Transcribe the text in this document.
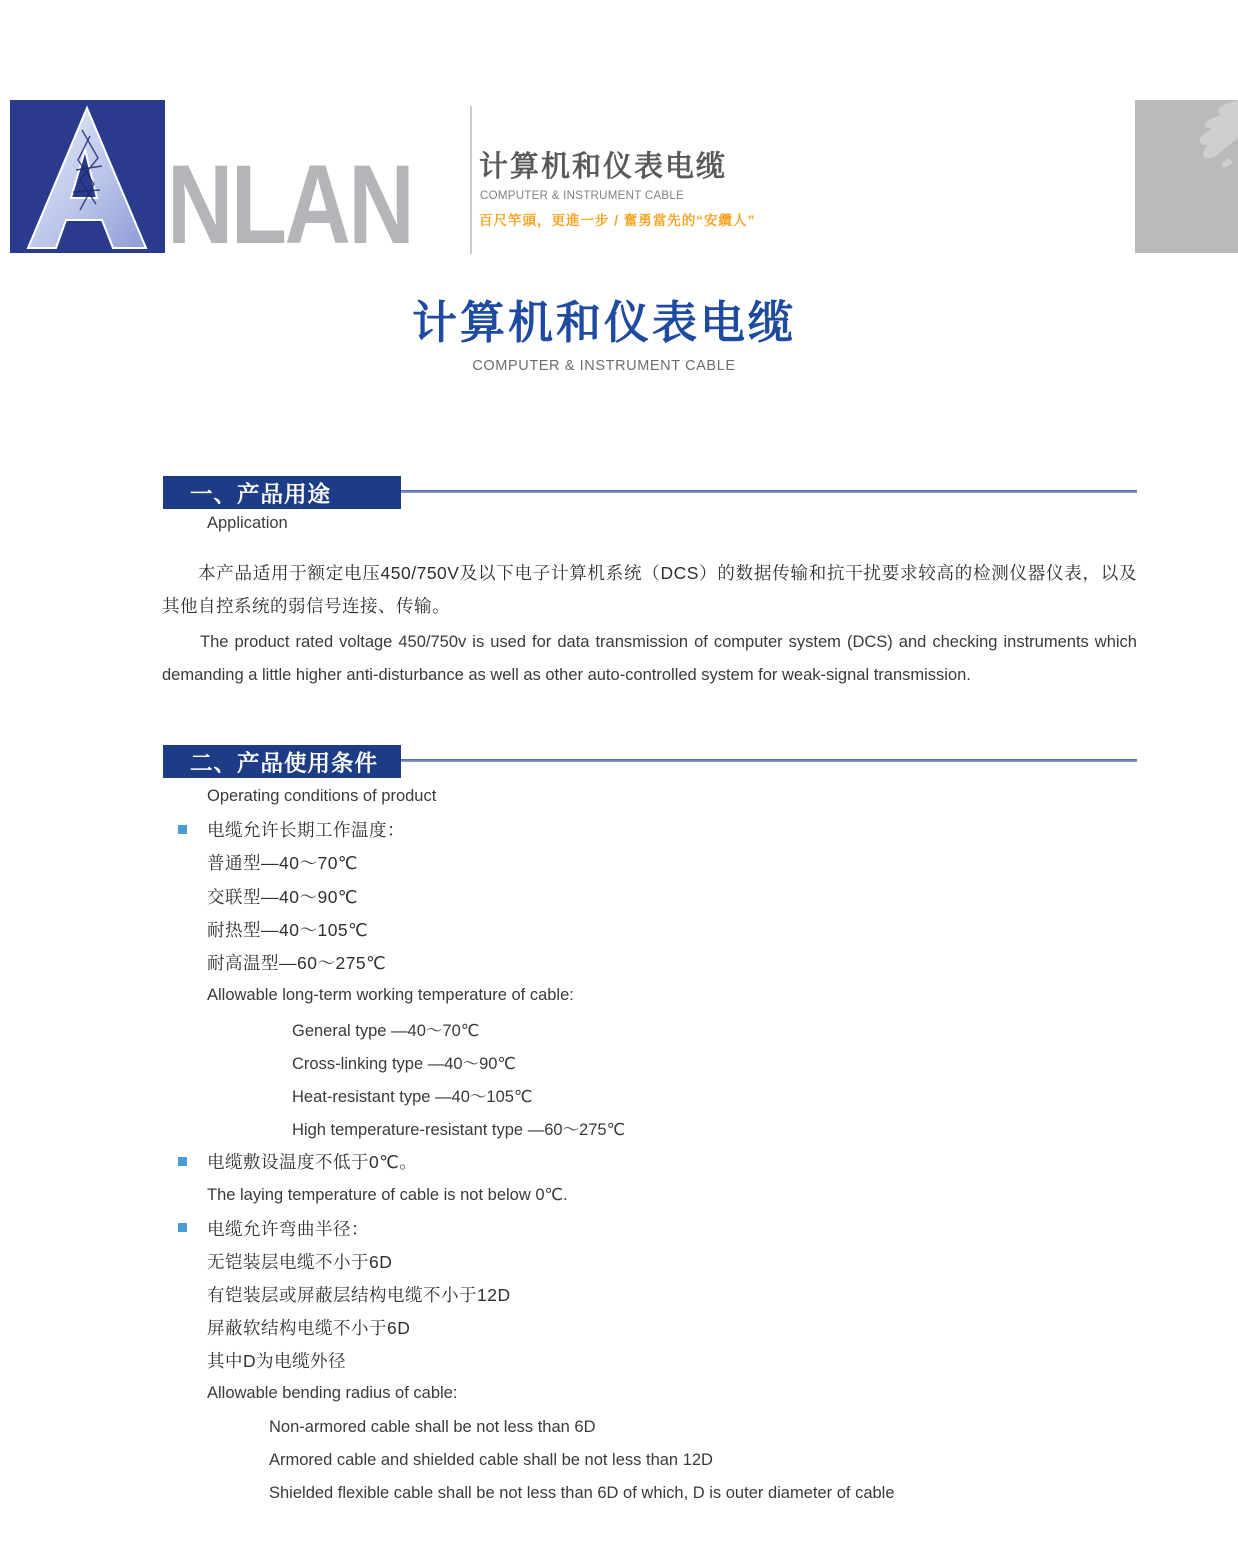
NLAN 计算机和仪表电缆
COMPUTER & INSTRUMENT CABLE
百尺竿頭，更進一步 / 奮勇當先的“安纜人”
计算机和仪表电缆
COMPUTER & INSTRUMENT CABLE
一、产品用途
Application

本产品适用于额定电压450/750V及以下电子计算机系统（DCS）的数据传输和抗干扰要求较高的检测仪器仪表，以及其他自控系统的弱信号连接、传输。

The product rated voltage 450/750v is used for data transmission of computer system (DCS) and checking instruments which demanding a little higher anti-disturbance as well as other auto-controlled system for weak-signal transmission.

二、产品使用条件
Operating conditions of product
电缆允许长期工作温度：
普通型—40～70℃
交联型—40～90℃
耐热型—40～105℃
耐高温型—60～275℃
Allowable long-term working temperature of cable:
General type —40～70℃
Cross-linking type —40～90℃
Heat-resistant type —40～105℃
High temperature-resistant type —60～275℃
电缆敷设温度不低于0℃。
The laying temperature of cable is not below 0℃.
电缆允许弯曲半径：
无铠装层电缆不小于6D
有铠装层或屏蔽层结构电缆不小于12D
屏蔽软结构电缆不小于6D
其中D为电缆外径
Allowable bending radius of cable:
Non-armored cable shall be not less than 6D
Armored cable and shielded cable shall be not less than 12D
Shielded flexible cable shall be not less than 6D of which, D is outer diameter of cable
